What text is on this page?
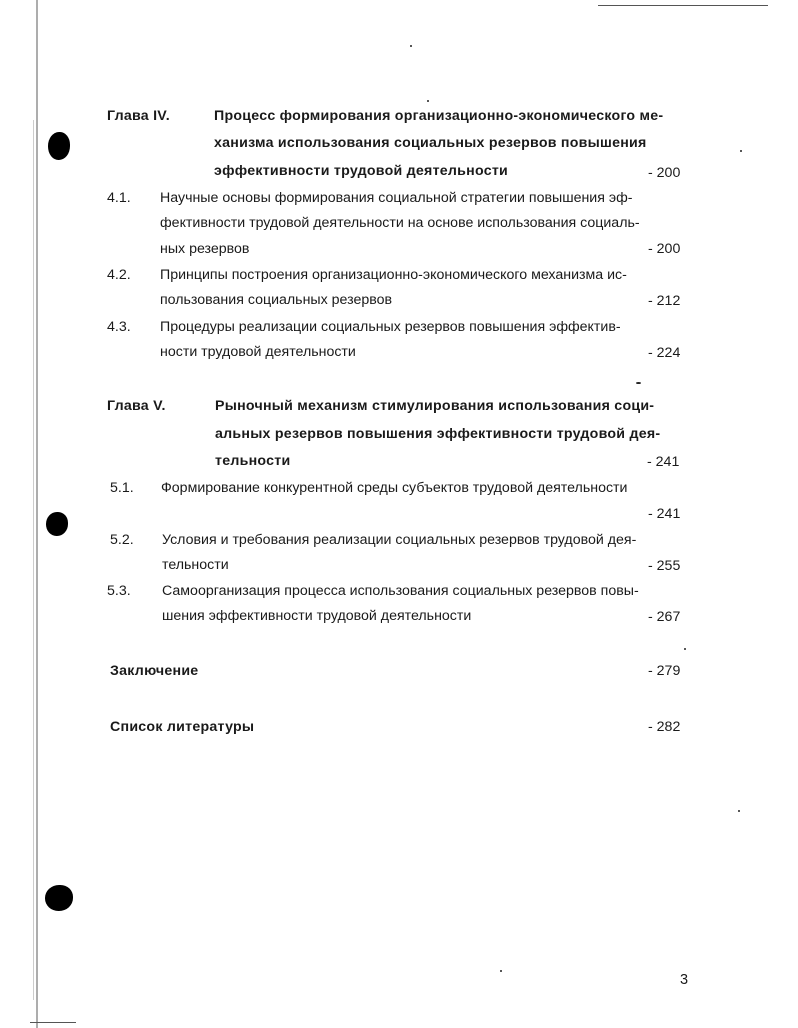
Глава IV.	Процесс формирования организационно-экономического ме-
ханизма использования социальных резервов повышения
эффективности трудовой деятельности	- 200
4.1. Научные основы формирования социальной стратегии повышения эф-
фективности трудовой деятельности на основе использования социаль-
ных резервов	- 200
4.2. Принципы построения организационно-экономического механизма ис-
пользования социальных резервов	- 212
4.3. Процедуры реализации социальных резервов повышения эффектив-
ности трудовой деятельности	- 224
Глава V.	Рыночный механизм стимулирования использования соци-
альных резервов повышения эффективности трудовой дея-
тельности	- 241
5.1. Формирование конкурентной среды субъектов трудовой деятельности
- 241
5.2. Условия и требования реализации социальных резервов трудовой дея-
тельности	- 255
5.3. Самоорганизация процесса использования социальных резервов повы-
шения эффективности трудовой деятельности	- 267
Заключение	- 279
Список литературы	- 282
3
